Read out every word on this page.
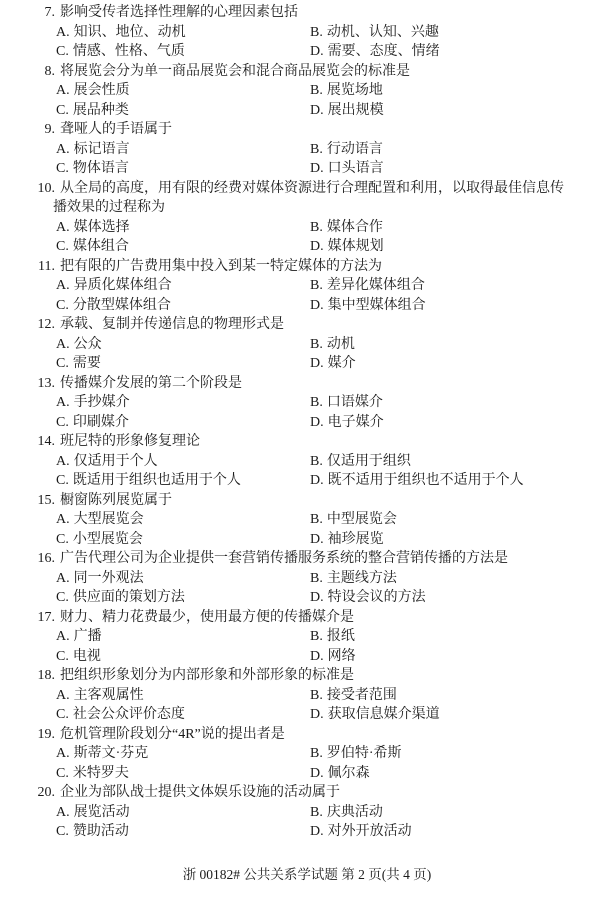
7. 影响受传者选择性理解的心理因素包括
A. 知识、地位、动机	B. 动机、认知、兴趣
C. 情感、性格、气质	D. 需要、态度、情绪
8. 将展览会分为单一商品展览会和混合商品展览会的标准是
A. 展会性质	B. 展览场地
C. 展品种类	D. 展出规模
9. 聋哑人的手语属于
A. 标记语言	B. 行动语言
C. 物体语言	D. 口头语言
10. 从全局的高度，用有限的经费对媒体资源进行合理配置和利用，以取得最佳信息传
播效果的过程称为
A. 媒体选择	B. 媒体合作
C. 媒体组合	D. 媒体规划
11. 把有限的广告费用集中投入到某一特定媒体的方法为
A. 异质化媒体组合	B. 差异化媒体组合
C. 分散型媒体组合	D. 集中型媒体组合
12. 承载、复制并传递信息的物理形式是
A. 公众	B. 动机
C. 需要	D. 媒介
13. 传播媒介发展的第二个阶段是
A. 手抄媒介	B. 口语媒介
C. 印刷媒介	D. 电子媒介
14. 班尼特的形象修复理论
A. 仅适用于个人	B. 仅适用于组织
C. 既适用于组织也适用于个人	D. 既不适用于组织也不适用于个人
15. 橱窗陈列展览属于
A. 大型展览会	B. 中型展览会
C. 小型展览会	D. 袖珍展览
16. 广告代理公司为企业提供一套营销传播服务系统的整合营销传播的方法是
A. 同一外观法	B. 主题线方法
C. 供应面的策划方法	D. 特设会议的方法
17. 财力、精力花费最少，使用最方便的传播媒介是
A. 广播	B. 报纸
C. 电视	D. 网络
18. 把组织形象划分为内部形象和外部形象的标准是
A. 主客观属性	B. 接受者范围
C. 社会公众评价态度	D. 获取信息媒介渠道
19. 危机管理阶段划分“4R”说的提出者是
A. 斯蒂文·芬克	B. 罗伯特·希斯
C. 米特罗夫	D. 佩尔森
20. 企业为部队战士提供文体娱乐设施的活动属于
A. 展览活动	B. 庆典活动
C. 赞助活动	D. 对外开放活动
浙 00182# 公共关系学试题 第 2 页(共 4 页)
